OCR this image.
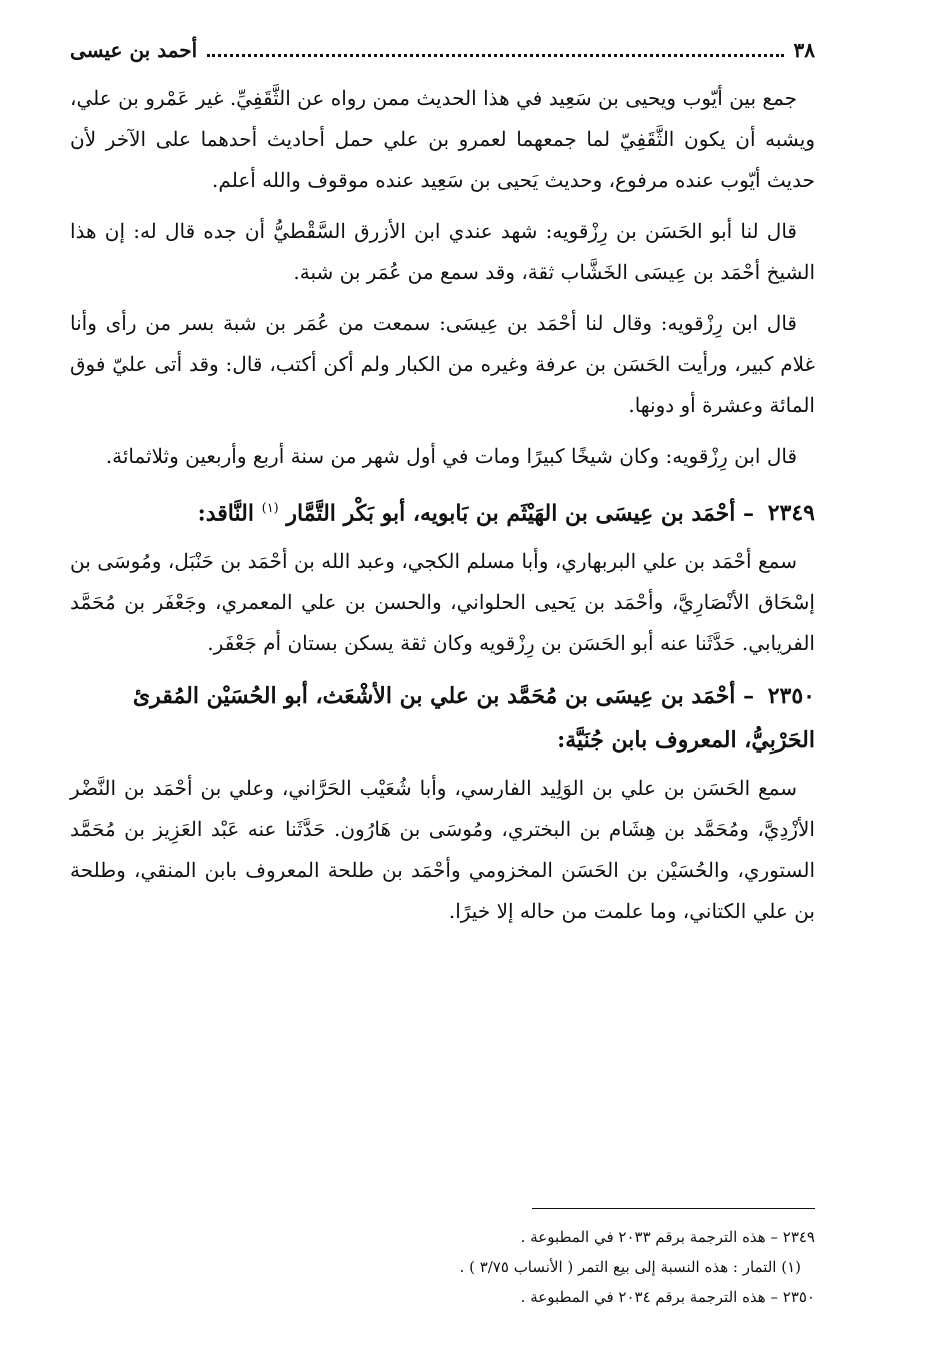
٣٨
أحمد بن عيسى

جمع بين أيّوب ويحيى بن سَعِيد في هذا الحديث ممن رواه عن الثَّقَفِيِّ. غير عَمْرو بن علي، ويشبه أن يكون الثَّقَفِيّ لما جمعهما لعمرو بن علي حمل أحاديث أحدهما على الآخر لأن حديث أيّوب عنده مرفوع، وحديث يَحيى بن سَعِيد عنده موقوف والله أعلم.

قال لنا أبو الحَسَن بن رِزْقويه: شهد عندي ابن الأزرق السَّقْطيُّ أن جده قال له: إن هذا الشيخ أحْمَد بن عِيسَى الخَشَّاب ثقة، وقد سمع من عُمَر بن شبة.

قال ابن رِزْقويه: وقال لنا أحْمَد بن عِيسَى: سمعت من عُمَر بن شبة بسر من رأى وأنا غلام كبير، ورأيت الحَسَن بن عرفة وغيره من الكبار ولم أكن أكتب، قال: وقد أتى عليّ فوق المائة وعشرة أو دونها.

قال ابن رِزْقويه: وكان شيخًا كبيرًا ومات في أول شهر من سنة أربع وأربعين وثلاثمائة.

٢٣٤٩ – أحْمَد بن عِيسَى بن الهَيْثَم بن بَابويه، أبو بَكْر التَّمَّار $^{(١)}$ النَّاقد:

سمع أحْمَد بن علي البربهاري، وأبا مسلم الكجي، وعبد الله بن أحْمَد بن حَنْبَل، ومُوسَى بن إسْحَاق الأنْصَارِيَّ، وأحْمَد بن يَحيى الحلواني، والحسن بن علي المعمري، وجَعْفَر بن مُحَمَّد الفريابي. حَدَّثَنا عنه أبو الحَسَن بن رِزْقويه وكان ثقة يسكن بستان أم جَعْفَر.

٢٣٥٠ – أحْمَد بن عِيسَى بن مُحَمَّد بن علي بن الأشْعَث، أبو الحُسَيْن المُقرئ الحَرْبِيُّ، المعروف بابن جُنَيَّة:

سمع الحَسَن بن علي بن الوَلِيد الفارسي، وأبا شُعَيْب الحَرَّاني، وعلي بن أحْمَد بن النَّضْر الأزْدِيَّ، ومُحَمَّد بن هِشَام بن البختري، ومُوسَى بن هَارُون. حَدَّثَنا عنه عَبْد العَزِيز بن مُحَمَّد الستوري، والحُسَيْن بن الحَسَن المخزومي وأحْمَد بن طلحة المعروف بابن المنقي، وطلحة بن علي الكتاني، وما علمت من حاله إلا خيرًا.

٢٣٤٩ – هذه الترجمة برقم ٢٠٣٣ في المطبوعة .
(١) التمار : هذه النسبة إلى بيع التمر ( الأنساب ٣/٧٥ ) .
٢٣٥٠ – هذه الترجمة برقم ٢٠٣٤ في المطبوعة .
